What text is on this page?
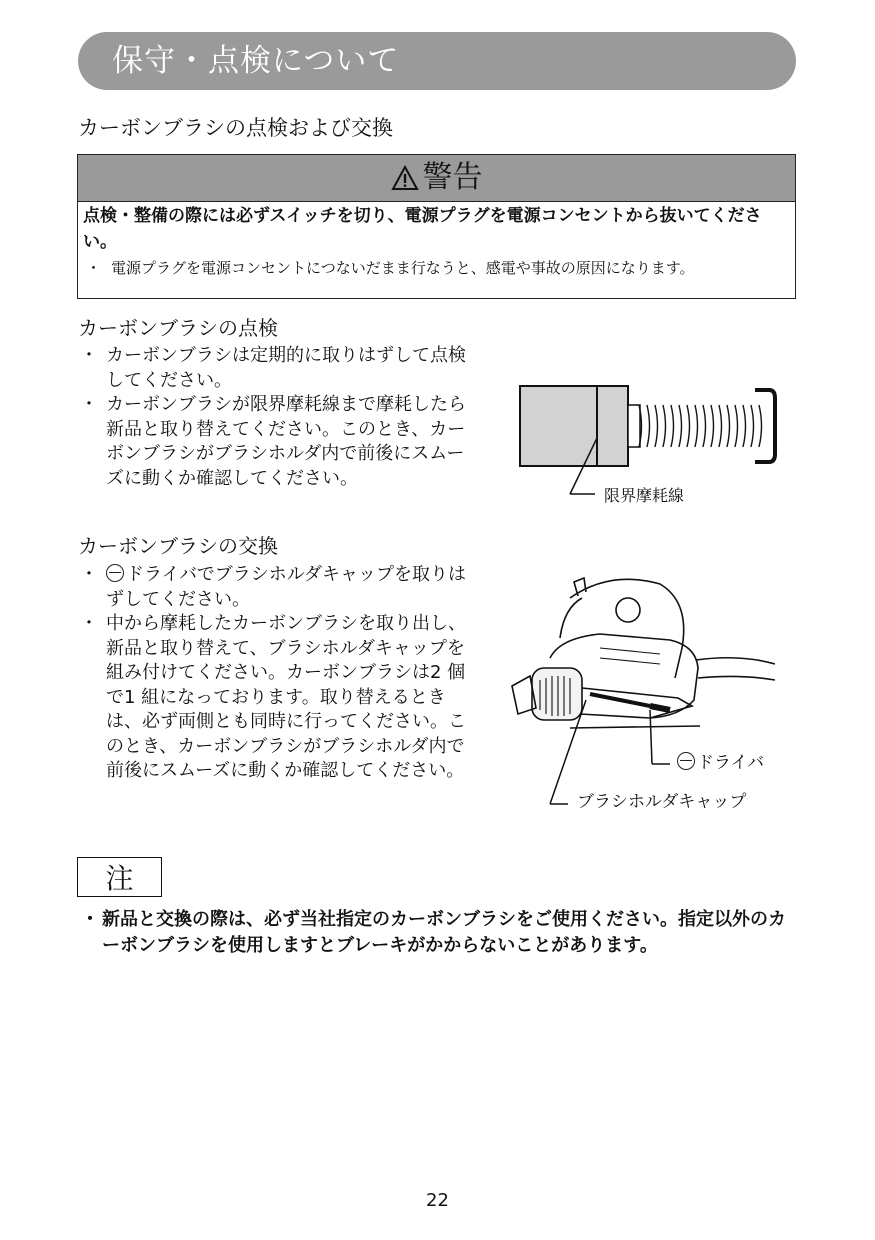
保守・点検について
カーボンブラシの点検および交換
警告
点検・整備の際には必ずスイッチを切り、電源プラグを電源コンセントから抜いてください。
・ 電源プラグを電源コンセントにつないだまま行なうと、感電や事故の原因になります。
カーボンブラシの点検

・ カーボンブラシは定期的に取りはずして点検してください。

・ カーボンブラシが限界摩耗線まで摩耗したら新品と取り替えてください。このとき、カーボンブラシがブラシホルダ内で前後にスムーズに動くか確認してください。

限界摩耗線
カーボンブラシの交換

・ ドライバでブラシホルダキャップを取りはずしてください。

・ 中から摩耗したカーボンブラシを取り出し、新品と取り替えて、ブラシホルダキャップを組み付けてください。カーボンブラシは2 個で1 組になっております。取り替えるときは、必ず両側とも同時に行ってください。このとき、カーボンブラシがブラシホルダ内で前後にスムーズに動くか確認してください。	ドライバ
ブラシホルダキャップ
注
・ 新品と交換の際は、必ず当社指定のカーボンブラシをご使用ください。指定以外のカーボンブラシを使用しますとブレーキがかからないことがあります。
22
